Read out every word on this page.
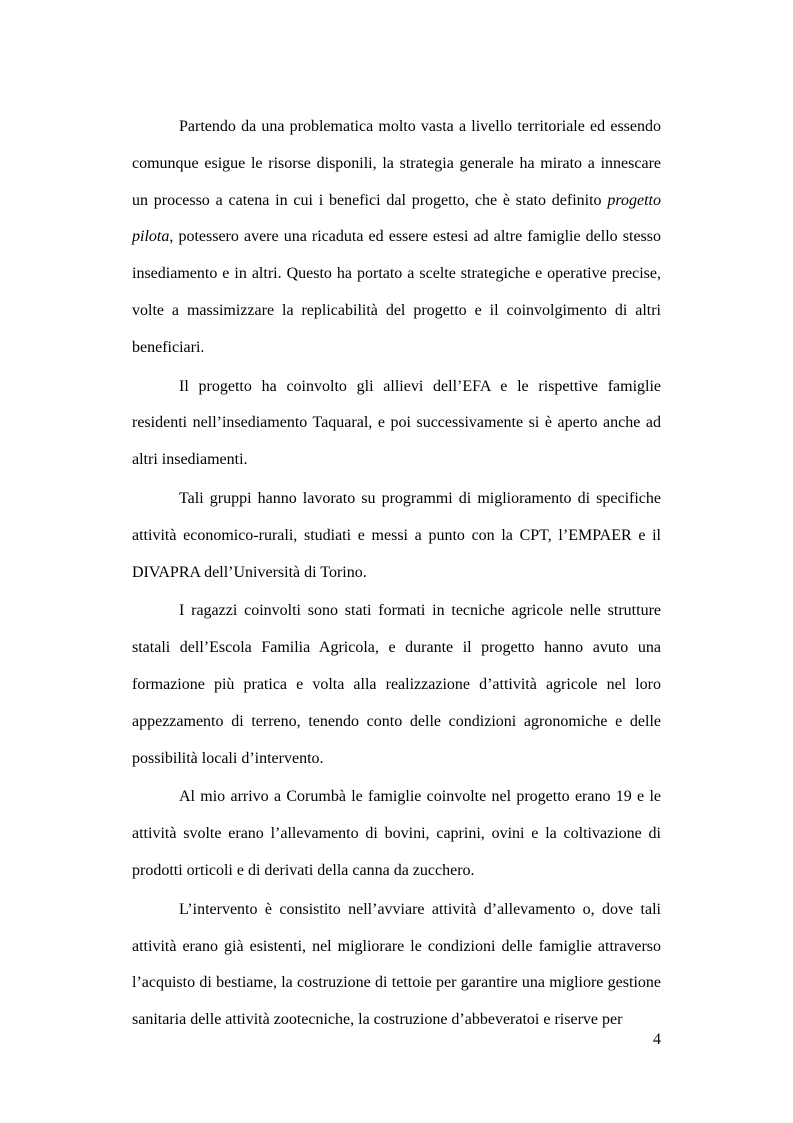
Partendo da una problematica molto vasta a livello territoriale ed essendo comunque esigue le risorse disponili, la strategia generale ha mirato a innescare un processo a catena in cui i benefici dal progetto, che è stato definito progetto pilota, potessero avere una ricaduta ed essere estesi ad altre famiglie dello stesso insediamento e in altri. Questo ha portato a scelte strategiche e operative precise, volte a massimizzare la replicabilità del progetto e il coinvolgimento di altri beneficiari.

Il progetto ha coinvolto gli allievi dell’EFA e le rispettive famiglie residenti nell’insediamento Taquaral, e poi successivamente si è aperto anche ad altri insediamenti.

Tali gruppi hanno lavorato su programmi di miglioramento di specifiche attività economico-rurali, studiati e messi a punto con la CPT, l’EMPAER e il DIVAPRA dell’Università di Torino.

I ragazzi coinvolti sono stati formati in tecniche agricole nelle strutture statali dell’Escola Familia Agricola, e durante il progetto hanno avuto una formazione più pratica e volta alla realizzazione d’attività agricole nel loro appezzamento di terreno, tenendo conto delle condizioni agronomiche e delle possibilità locali d’intervento.

Al mio arrivo a Corumbà le famiglie coinvolte nel progetto erano 19 e le attività svolte erano l’allevamento di bovini, caprini, ovini e la coltivazione di prodotti orticoli e di derivati della canna da zucchero.

L’intervento è consistito nell’avviare attività d’allevamento o, dove tali attività erano già esistenti, nel migliorare le condizioni delle famiglie attraverso l’acquisto di bestiame, la costruzione di tettoie per garantire una migliore gestione sanitaria delle attività zootecniche, la costruzione d’abbeveratoi e riserve per

4
